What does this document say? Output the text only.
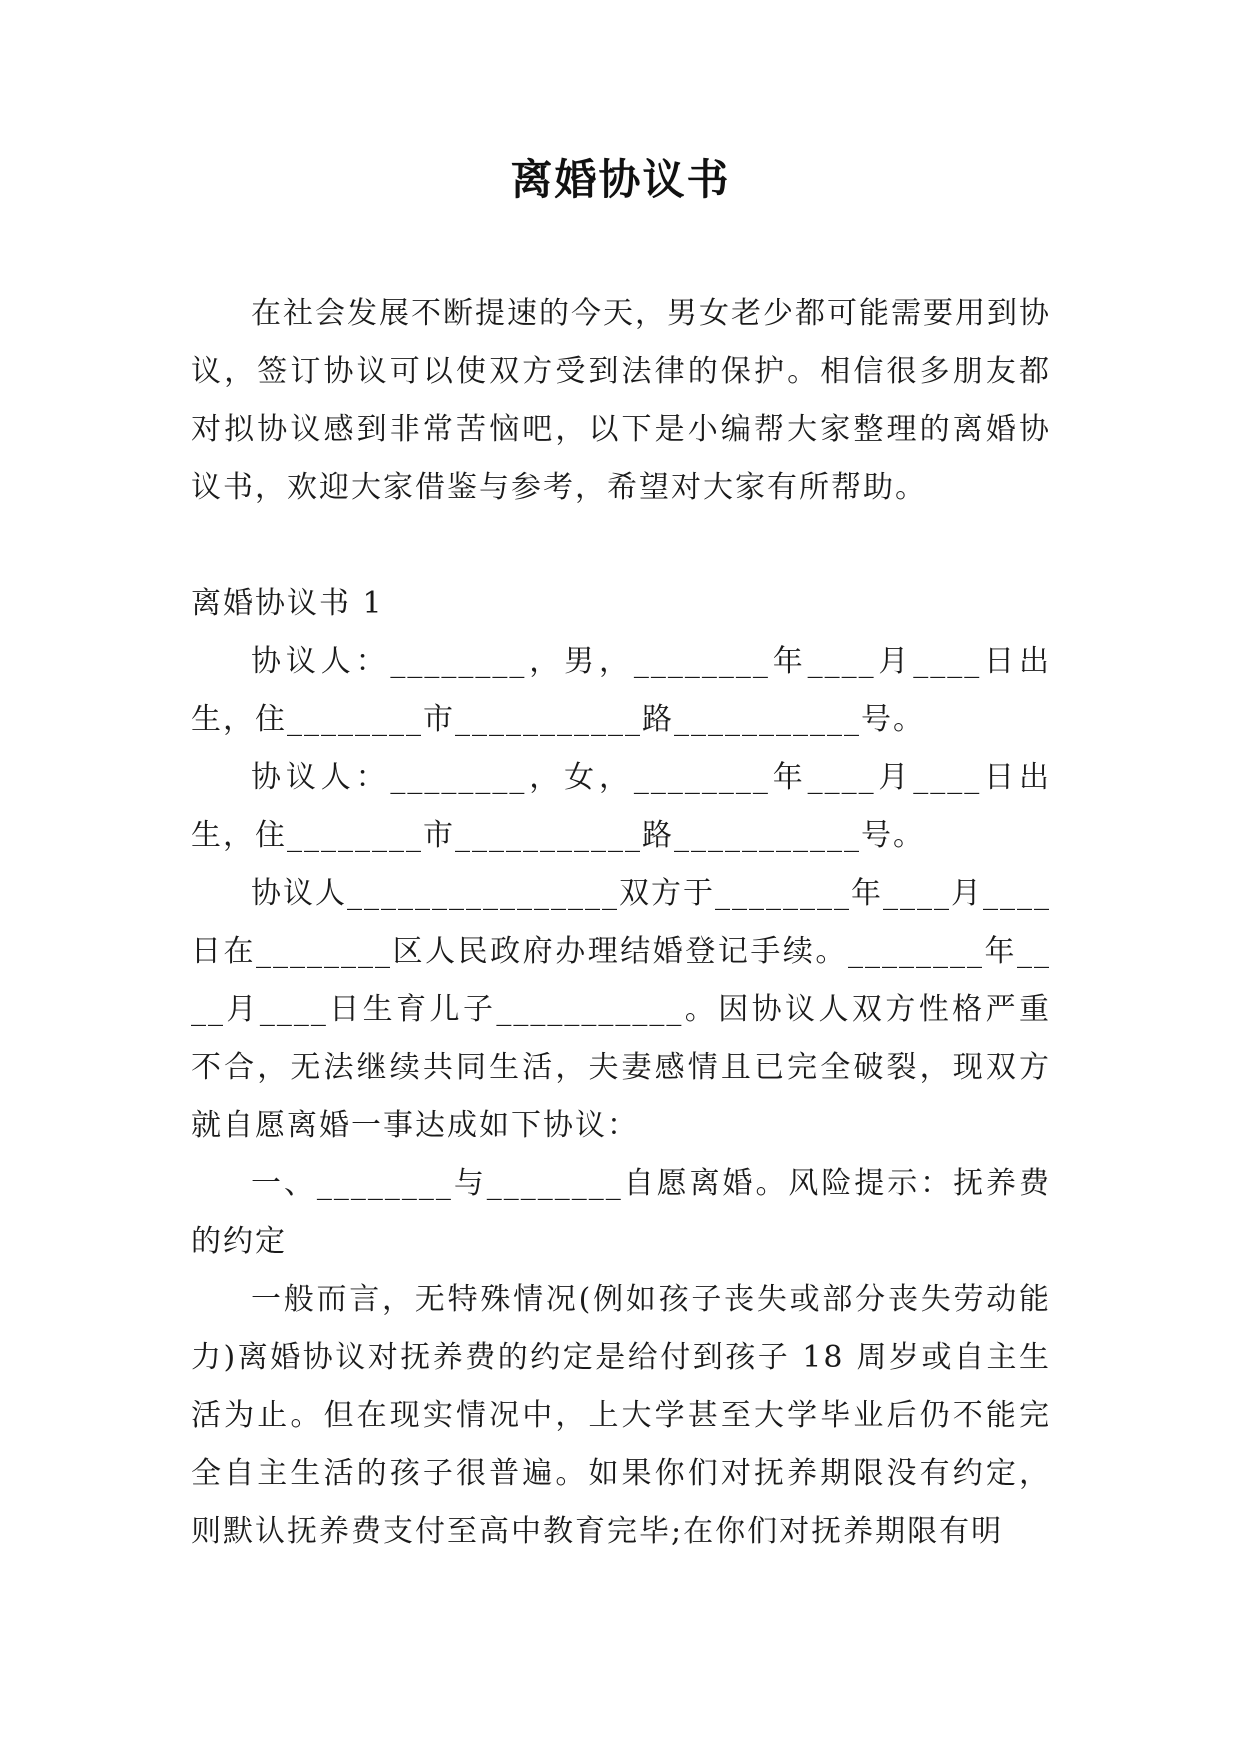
离婚协议书

在社会发展不断提速的今天，男女老少都可能需要用到协议，签订协议可以使双方受到法律的保护。相信很多朋友都对拟协议感到非常苦恼吧，以下是小编帮大家整理的离婚协议书，欢迎大家借鉴与参考，希望对大家有所帮助。

离婚协议书 1

协议人：________，男，________年____月____日出生，住________市___________路___________号。

协议人：________，女，________年____月____日出生，住________市___________路___________号。

协议人________________双方于________年____月____日在________区人民政府办理结婚登记手续。________年____月____日生育儿子___________。因协议人双方性格严重不合，无法继续共同生活，夫妻感情且已完全破裂，现双方就自愿离婚一事达成如下协议：

一、________与________自愿离婚。风险提示：抚养费的约定

一般而言，无特殊情况(例如孩子丧失或部分丧失劳动能力)离婚协议对抚养费的约定是给付到孩子 18 周岁或自主生活为止。但在现实情况中，上大学甚至大学毕业后仍不能完全自主生活的孩子很普遍。如果你们对抚养期限没有约定，则默认抚养费支付至高中教育完毕;在你们对抚养期限有明
